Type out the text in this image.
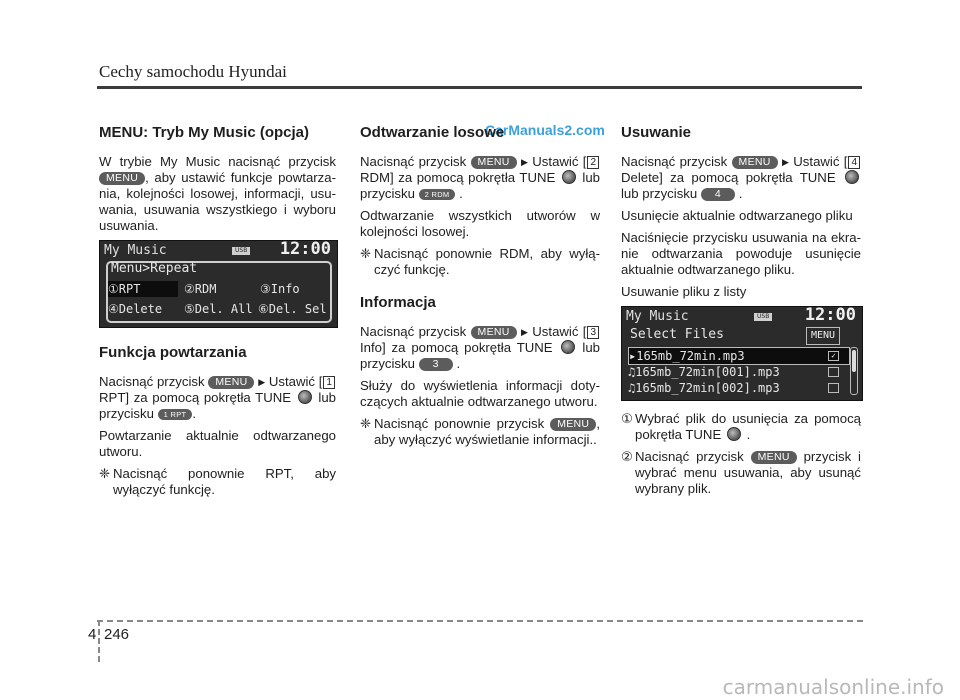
Cechy samochodu Hyundai
CarManuals2.com
MENU: Tryb My Music (opcja)

W trybie My Music nacisnąć przycisk MENU , aby ustawić funkcje powtarza-nia, kolejności losowej, informacji, usu-wania, usuwania wszystkiego i wyboru usuwania.

My Music	USB 12:00
Menu>Repeat
①RPT	②RDM	③Info
④Delete ⑤Del. All ⑥Del. Sel
Funkcja powtarzania

Nacisnąć przycisk MENU ▶ Ustawić [ 1 RPT] za pomocą pokrętła TUNE lub przycisku 1 RPT .

Powtarzanie aktualnie odtwarzanego utworu.

❈ Nacisnąć ponownie RPT, aby wyłączyć funkcję.
Odtwarzanie losowe

Nacisnąć przycisk MENU ▶ Ustawić [ 2 RDM] za pomocą pokrętła TUNE lub przycisku 2 RDM .

Odtwarzanie wszystkich utworów w kolejności losowej.

❈ Nacisnąć ponownie RDM, aby wyłą-czyć funkcję.
Informacja

Nacisnąć przycisk MENU ▶ Ustawić [ 3 Info] za pomocą pokrętła TUNE lub przycisku 3 .

Służy do wyświetlenia informacji doty-czących aktualnie odtwarzanego utworu.

❈ Nacisnąć ponownie przycisk MENU , aby wyłączyć wyświetlanie informacji..
Usuwanie

Nacisnąć przycisk MENU ▶ Ustawić [ 4 Delete] za pomocą pokrętła TUNE  lub przycisku 4 .

Usunięcie aktualnie odtwarzanego pliku

Naciśnięcie przycisku usuwania na ekra-nie odtwarzania powoduje usunięcie aktualnie odtwarzanego pliku.

Usuwanie pliku z listy

My Music	USB 12:00
Select Files	MENU
▸165mb_72min.mp3	✓
♫165mb_72min[001].mp3
♫165mb_72min[002].mp3
① Wybrać plik do usunięcia za pomocą pokrętła TUNE  .
② Nacisnąć przycisk MENU przycisk i wybrać menu usuwania, aby usunąć wybrany plik.
4 246
carmanualsonline.info
